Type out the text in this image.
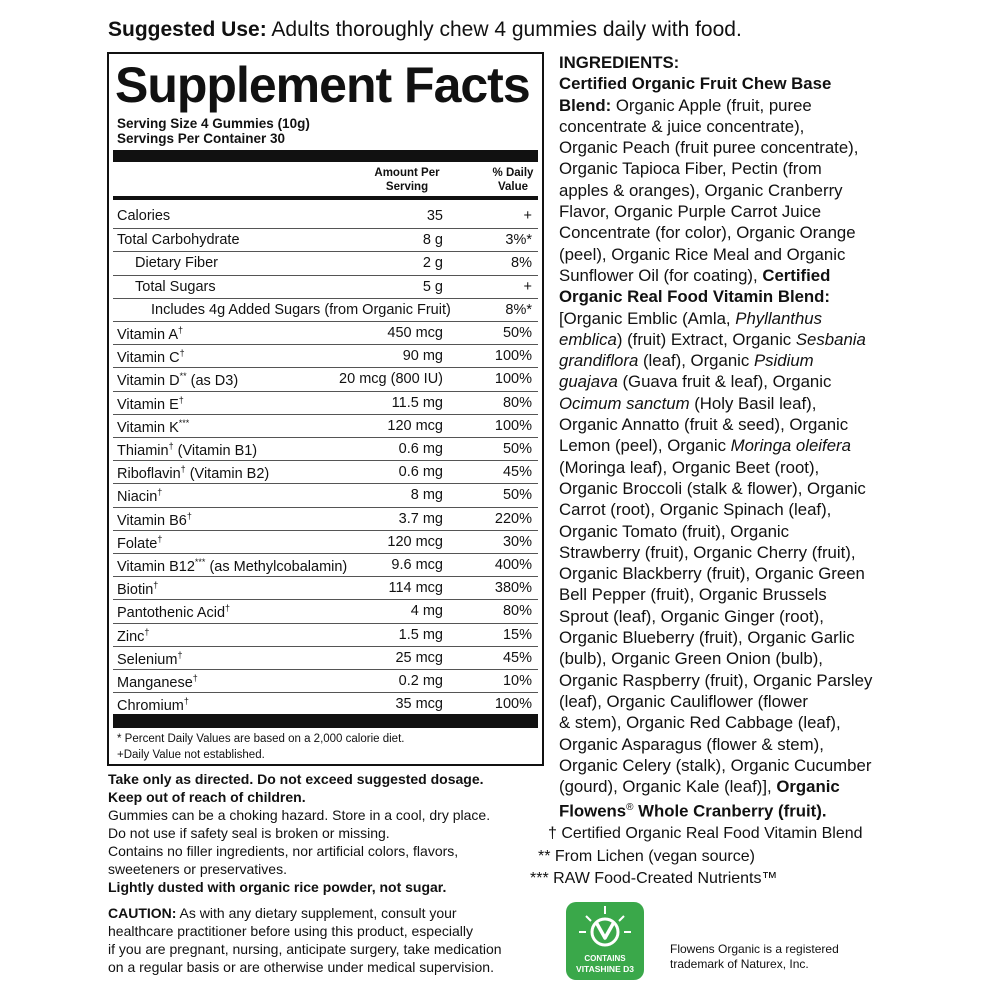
Suggested Use: Adults thoroughly chew 4 gummies daily with food.
Supplement Facts
Serving Size 4 Gummies (10g)
Servings Per Container 30
Amount Per
Serving
% Daily
Value
Calories	35	+
Total Carbohydrate	8 g	3%*
Dietary Fiber	2 g	8%
Total Sugars	5 g	+
Includes 4g Added Sugars (from Organic Fruit)	8%*
Vitamin A†	450 mcg	50%
Vitamin C†	90 mg	100%
Vitamin D** (as D3)	20 mcg (800 IU)	100%
Vitamin E†	11.5 mg	80%
Vitamin K***	120 mcg	100%
Thiamin† (Vitamin B1)	0.6 mg	50%
Riboflavin† (Vitamin B2)	0.6 mg	45%
Niacin†	8 mg	50%
Vitamin B6†	3.7 mg	220%
Folate†	120 mcg	30%
Vitamin B12*** (as Methylcobalamin)	9.6 mcg	400%
Biotin†	114 mcg	380%
Pantothenic Acid†	4 mg	80%
Zinc†	1.5 mg	15%
Selenium†	25 mcg	45%
Manganese†	0.2 mg	10%
Chromium†	35 mcg	100%
* Percent Daily Values are based on a 2,000 calorie diet.
+Daily Value not established.
Take only as directed. Do not exceed suggested dosage.
Keep out of reach of children.
Gummies can be a choking hazard. Store in a cool, dry place.
Do not use if safety seal is broken or missing.
Contains no filler ingredients, nor artificial colors, flavors,
sweeteners or preservatives.
Lightly dusted with organic rice powder, not sugar.
CAUTION: As with any dietary supplement, consult your
healthcare practitioner before using this product, especially
if you are pregnant, nursing, anticipate surgery, take medication
on a regular basis or are otherwise under medical supervision.
INGREDIENTS:
Certified Organic Fruit Chew Base
Blend: Organic Apple (fruit, puree
concentrate & juice concentrate),
Organic Peach (fruit puree concentrate),
Organic Tapioca Fiber, Pectin (from
apples & oranges), Organic Cranberry
Flavor, Organic Purple Carrot Juice
Concentrate (for color), Organic Orange
(peel), Organic Rice Meal and Organic
Sunflower Oil (for coating), Certified
Organic Real Food Vitamin Blend:
[Organic Emblic (Amla, Phyllanthus
emblica) (fruit) Extract, Organic Sesbania
grandiflora (leaf), Organic Psidium
guajava (Guava fruit & leaf), Organic
Ocimum sanctum (Holy Basil leaf),
Organic Annatto (fruit & seed), Organic
Lemon (peel), Organic Moringa oleifera
(Moringa leaf), Organic Beet (root),
Organic Broccoli (stalk & flower), Organic
Carrot (root), Organic Spinach (leaf),
Organic Tomato (fruit), Organic
Strawberry (fruit), Organic Cherry (fruit),
Organic Blackberry (fruit), Organic Green
Bell Pepper (fruit), Organic Brussels
Sprout (leaf), Organic Ginger (root),
Organic Blueberry (fruit), Organic Garlic
(bulb), Organic Green Onion (bulb),
Organic Raspberry (fruit), Organic Parsley
(leaf), Organic Cauliflower (flower
& stem), Organic Red Cabbage (leaf),
Organic Asparagus (flower & stem),
Organic Celery (stalk), Organic Cucumber
(gourd), Organic Kale (leaf)], Organic
Flowens® Whole Cranberry (fruit).
† Certified Organic Real Food Vitamin Blend
** From Lichen (vegan source)
*** RAW Food-Created Nutrients™
CONTAINS
VITASHINE D3
Flowens Organic is a registered
trademark of Naturex, Inc.
